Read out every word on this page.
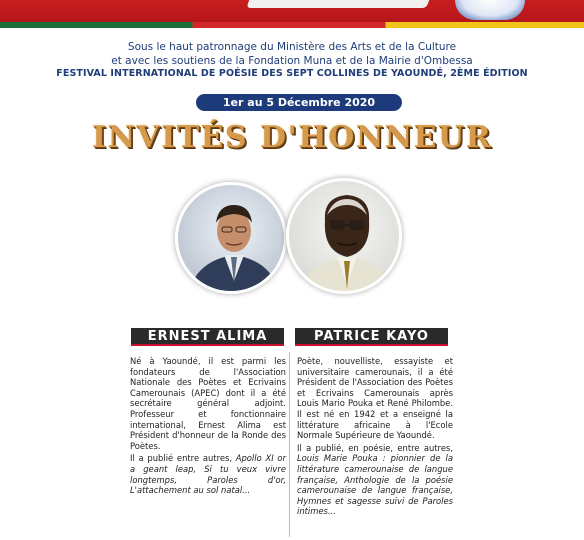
Sous le haut patronnage du Ministère des Arts et de la Culture
et avec les soutiens de la Fondation Muna et de la Mairie d'Ombessa
FESTIVAL INTERNATIONAL DE POÉSIE DES SEPT COLLINES DE YAOUNDÉ, 2ÈME ÉDITION
1er au 5 Décembre 2020
INVITÉS D'HONNEUR
ERNEST ALIMA	PATRICE KAYO

Né à Yaoundé, il est parmi les fondateurs de l'Association Nationale des Poètes et Ecrivains Camerounais (APEC) dont il a été secrétaire général adjoint. Professeur et fonctionnaire international, Ernest Alima est Président d'honneur de la Ronde des Poètes.

Il a publié entre autres, Apollo XI or a geant leap, Si tu veux vivre longtemps, Paroles d'or, L'attachement au sol natal...

Poète, nouvelliste, essayiste et universitaire camerounais, il a été Président de l'Association des Poètes et Ecrivains Camerounais après Louis Mario Pouka et René Philombe. Il est né en 1942 et a enseigné la littérature africaine à l'Ecole Normale Supérieure de Yaoundé.

Il a publié, en poésie, entre autres, Louis Marie Pouka : pionnier de la littérature camerounaise de langue française, Anthologie de la poésie camerounaise de langue française, Hymnes et sagesse suivi de Paroles intimes...
